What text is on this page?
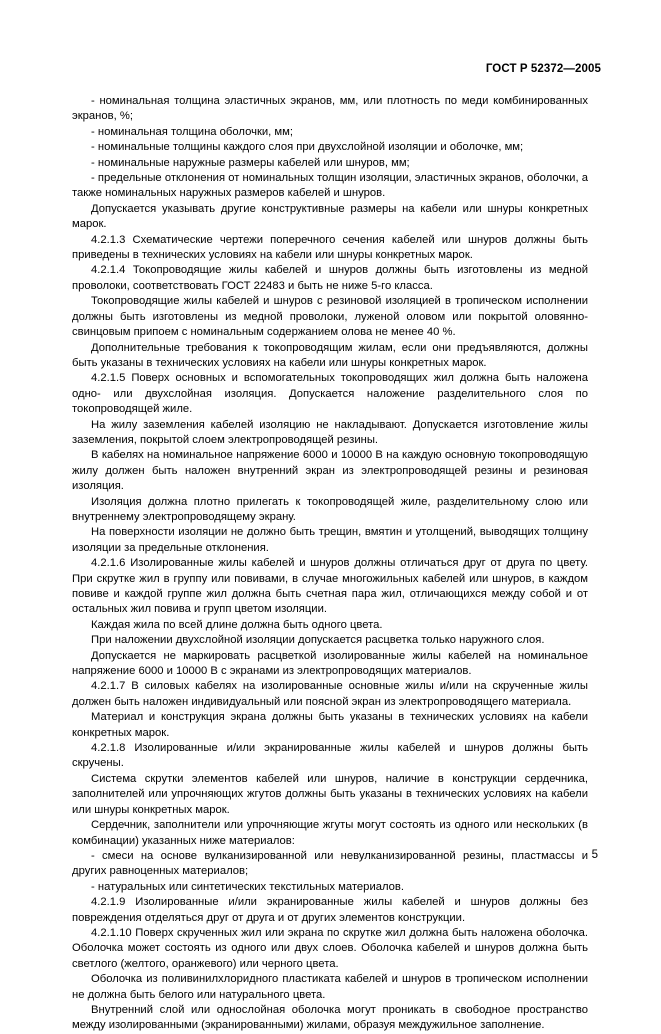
ГОСТ Р 52372—2005

- номинальная толщина эластичных экранов, мм, или плотность по меди комбинированных экранов, %;

- номинальная толщина оболочки, мм;

- номинальные толщины каждого слоя при двухслойной изоляции и оболочке, мм;

- номинальные наружные размеры кабелей или шнуров, мм;

- предельные отклонения от номинальных толщин изоляции, эластичных экранов, оболочки, а также номинальных наружных размеров кабелей и шнуров.

Допускается указывать другие конструктивные размеры на кабели или шнуры конкретных марок.

4.2.1.3 Схематические чертежи поперечного сечения кабелей или шнуров должны быть приведены в технических условиях на кабели или шнуры конкретных марок.

4.2.1.4 Токопроводящие жилы кабелей и шнуров должны быть изготовлены из медной проволоки, соответствовать ГОСТ 22483 и быть не ниже 5-го класса.

Токопроводящие жилы кабелей и шнуров с резиновой изоляцией в тропическом исполнении должны быть изготовлены из медной проволоки, луженой оловом или покрытой оловянно-свинцовым припоем с номинальным содержанием олова не менее 40 %.

Дополнительные требования к токопроводящим жилам, если они предъявляются, должны быть указаны в технических условиях на кабели или шнуры конкретных марок.

4.2.1.5 Поверх основных и вспомогательных токопроводящих жил должна быть наложена одно- или двухслойная изоляция. Допускается наложение разделительного слоя по токопроводящей жиле.

На жилу заземления кабелей изоляцию не накладывают. Допускается изготовление жилы заземления, покрытой слоем электропроводящей резины.

В кабелях на номинальное напряжение 6000 и 10000 В на каждую основную токопроводящую жилу должен быть наложен внутренний экран из электропроводящей резины и резиновая изоляция.

Изоляция должна плотно прилегать к токопроводящей жиле, разделительному слою или внутреннему электропроводящему экрану.

На поверхности изоляции не должно быть трещин, вмятин и утолщений, выводящих толщину изоляции за предельные отклонения.

4.2.1.6 Изолированные жилы кабелей и шнуров должны отличаться друг от друга по цвету. При скрутке жил в группу или повивами, в случае многожильных кабелей или шнуров, в каждом повиве и каждой группе жил должна быть счетная пара жил, отличающихся между собой и от остальных жил повива и групп цветом изоляции.

Каждая жила по всей длине должна быть одного цвета.

При наложении двухслойной изоляции допускается расцветка только наружного слоя.

Допускается не маркировать расцветкой изолированные жилы кабелей на номинальное напряжение 6000 и 10000 В с экранами из электропроводящих материалов.

4.2.1.7 В силовых кабелях на изолированные основные жилы и/или на скрученные жилы должен быть наложен индивидуальный или поясной экран из электропроводящего материала.

Материал и конструкция экрана должны быть указаны в технических условиях на кабели конкретных марок.

4.2.1.8 Изолированные и/или экранированные жилы кабелей и шнуров должны быть скручены.

Система скрутки элементов кабелей или шнуров, наличие в конструкции сердечника, заполнителей или упрочняющих жгутов должны быть указаны в технических условиях на кабели или шнуры конкретных марок.

Сердечник, заполнители или упрочняющие жгуты могут состоять из одного или нескольких (в комбинации) указанных ниже материалов:

- смеси на основе вулканизированной или невулканизированной резины, пластмассы и других равноценных материалов;

- натуральных или синтетических текстильных материалов.

4.2.1.9 Изолированные и/или экранированные жилы кабелей и шнуров должны без повреждения отделяться друг от друга и от других элементов конструкции.

4.2.1.10 Поверх скрученных жил или экрана по скрутке жил должна быть наложена оболочка. Оболочка может состоять из одного или двух слоев. Оболочка кабелей и шнуров должна быть светлого (желтого, оранжевого) или черного цвета.

Оболочка из поливинилхлоридного пластиката кабелей и шнуров в тропическом исполнении не должна быть белого или натурального цвета.

Внутренний слой или однослойная оболочка могут проникать в свободное пространство между изолированными (экранированными) жилами, образуя междужильное заполнение.

5
